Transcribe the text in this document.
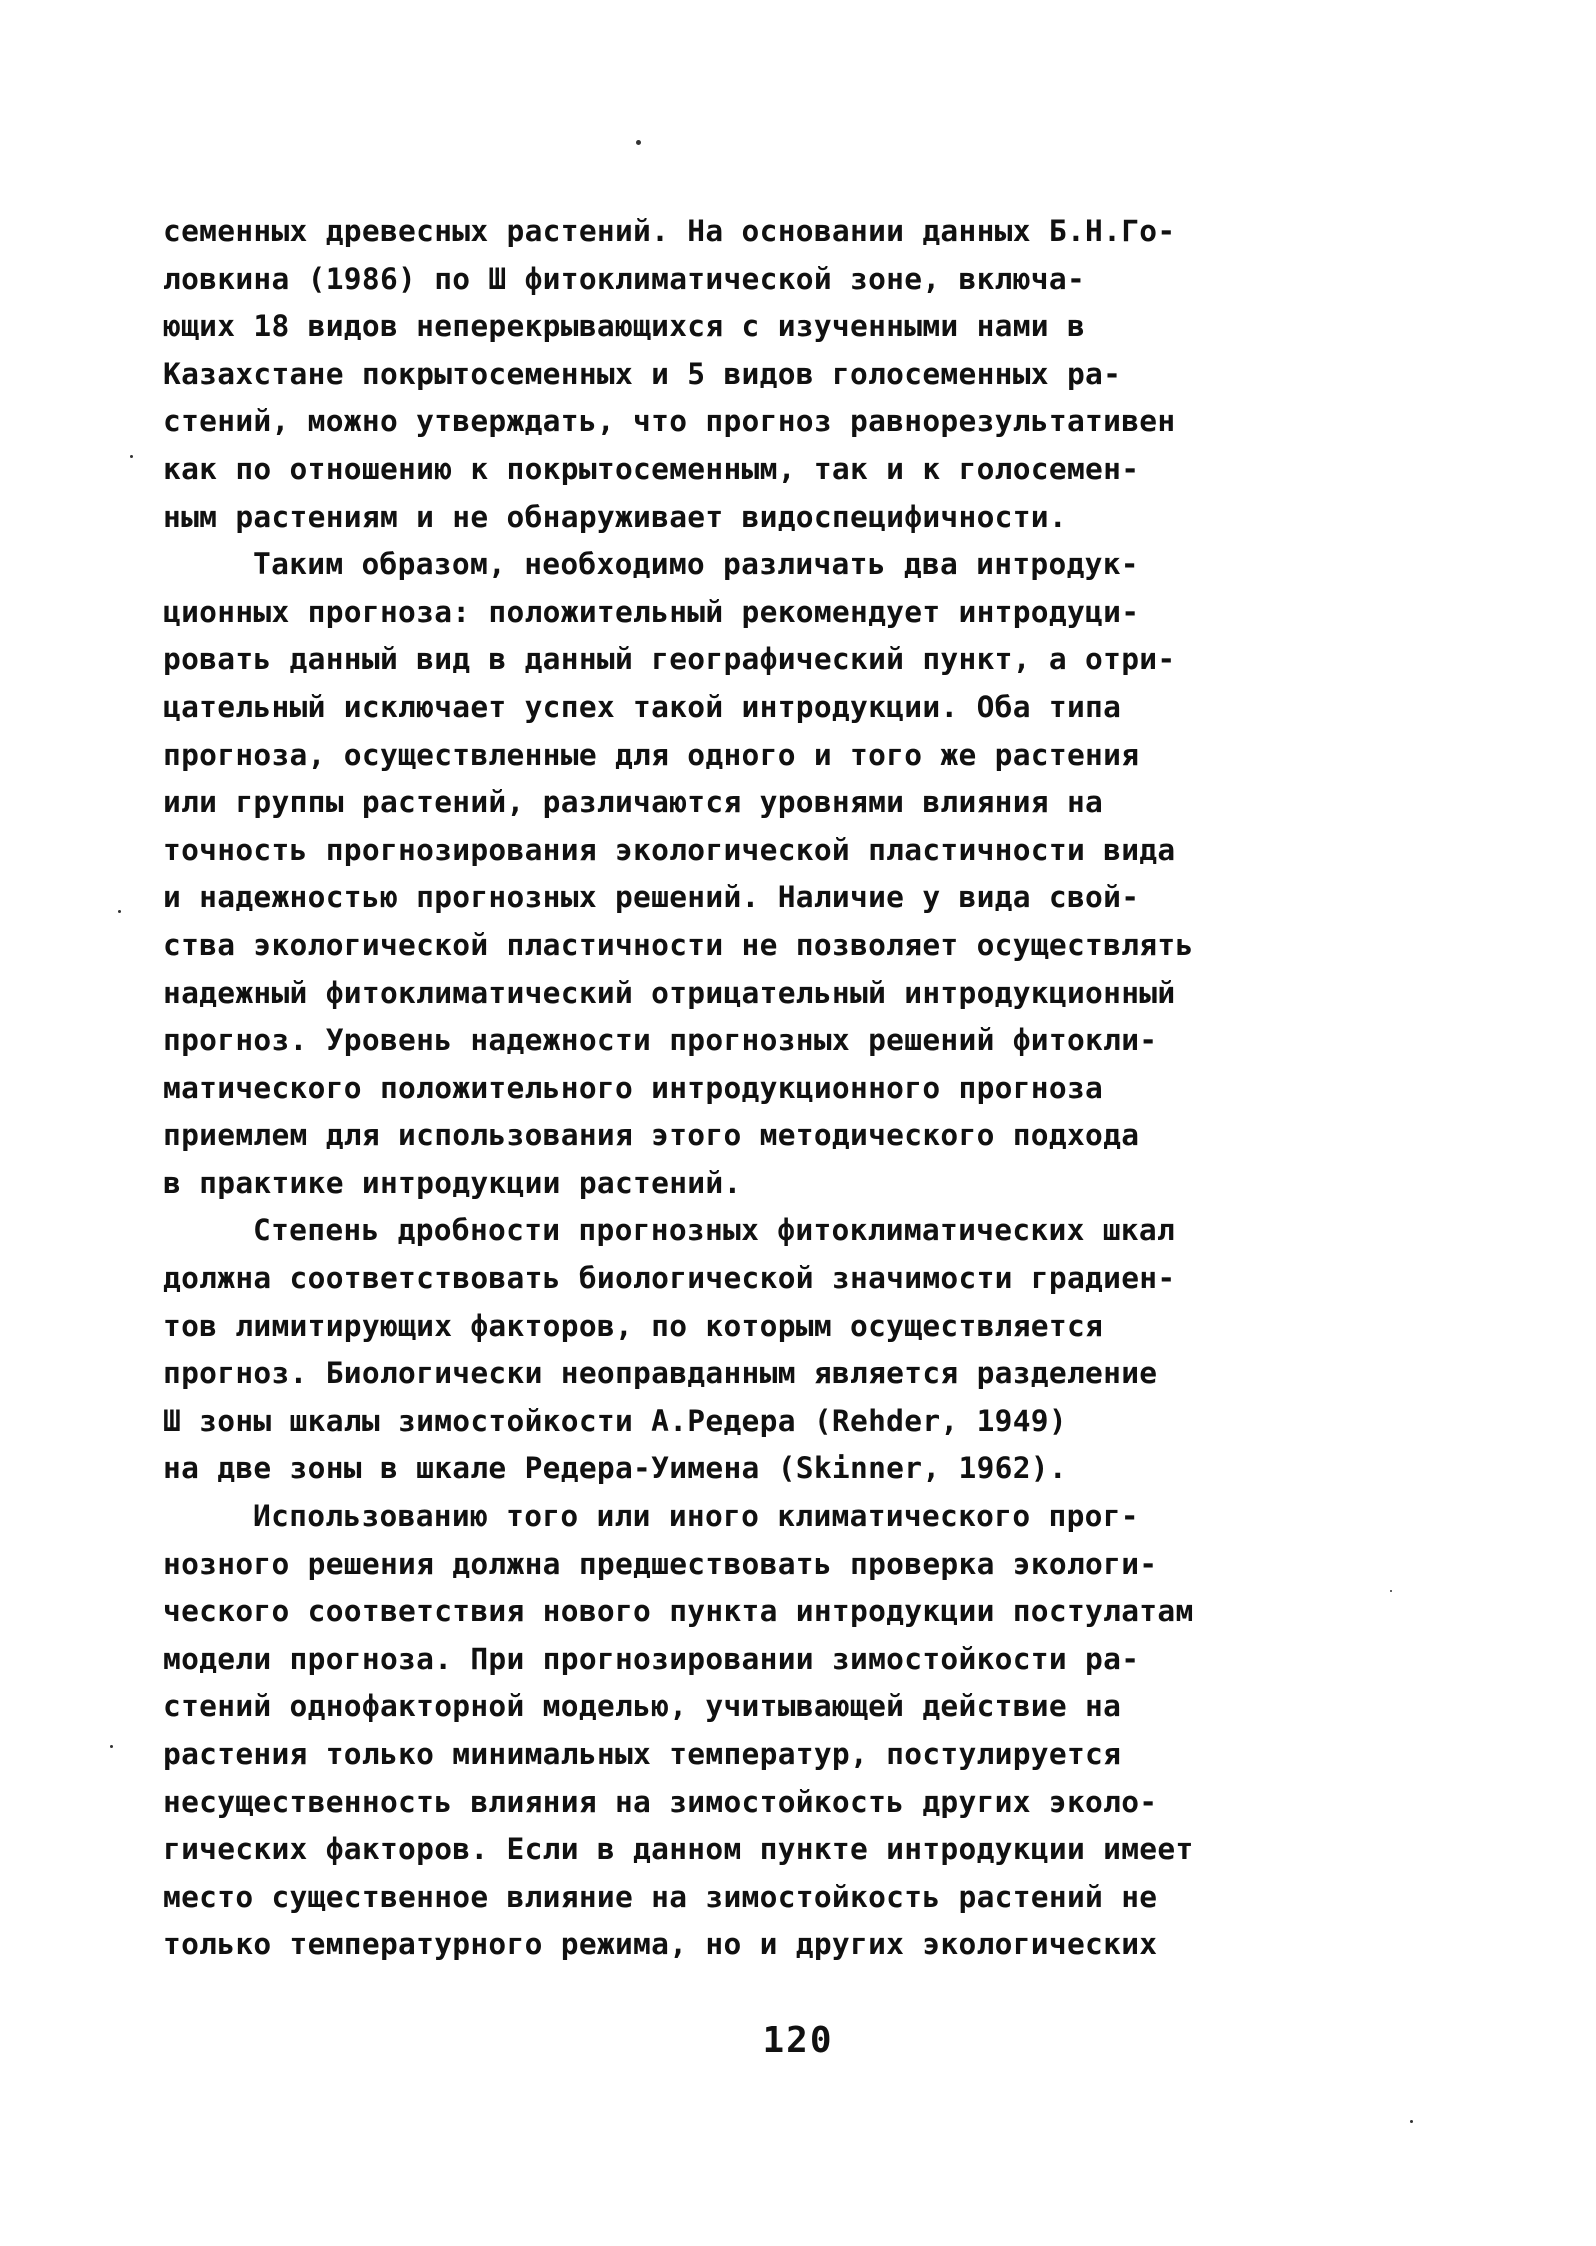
семенных древесных растений. На основании данных Б.Н.Го-
ловкина (1986) по Ш фитоклиматической зоне, включа-
ющих 18 видов неперекрывающихся с изученными нами в
Казахстане покрытосеменных и 5 видов голосеменных ра-
стений, можно утверждать, что прогноз равнорезультативен
как по отношению к покрытосеменным, так и к голосемен-
ным растениям и не обнаруживает видоспецифичности.
Таким образом, необходимо различать два интродук-
ционных прогноза: положительный рекомендует интродуци-
ровать данный вид в данный географический пункт, а отри-
цательный исключает успех такой интродукции. Оба типа
прогноза, осуществленные для одного и того же растения
или группы растений, различаются уровнями влияния на
точность прогнозирования экологической пластичности вида
и надежностью прогнозных решений. Наличие у вида свой-
ства экологической пластичности не позволяет осуществлять
надежный фитоклиматический отрицательный интродукционный
прогноз. Уровень надежности прогнозных решений фитокли-
матического положительного интродукционного прогноза
приемлем для использования этого методического подхода
в практике интродукции растений.
Степень дробности прогнозных фитоклиматических шкал
должна соответствовать биологической значимости градиен-
тов лимитирующих факторов, по которым осуществляется
прогноз. Биологически неоправданным является разделение
Ш зоны шкалы зимостойкости А.Редера (Rehder, 1949)
на две зоны в шкале Редера-Уимена (Skinner, 1962).
Использованию того или иного климатического прог-
нозного решения должна предшествовать проверка экологи-
ческого соответствия нового пункта интродукции постулатам
модели прогноза. При прогнозировании зимостойкости ра-
стений однофакторной моделью, учитывающей действие на
растения только минимальных температур, постулируется
несущественность влияния на зимостойкость других эколо-
гических факторов. Если в данном пункте интродукции имеет
место существенное влияние на зимостойкость растений не
только температурного режима, но и других экологических
120
